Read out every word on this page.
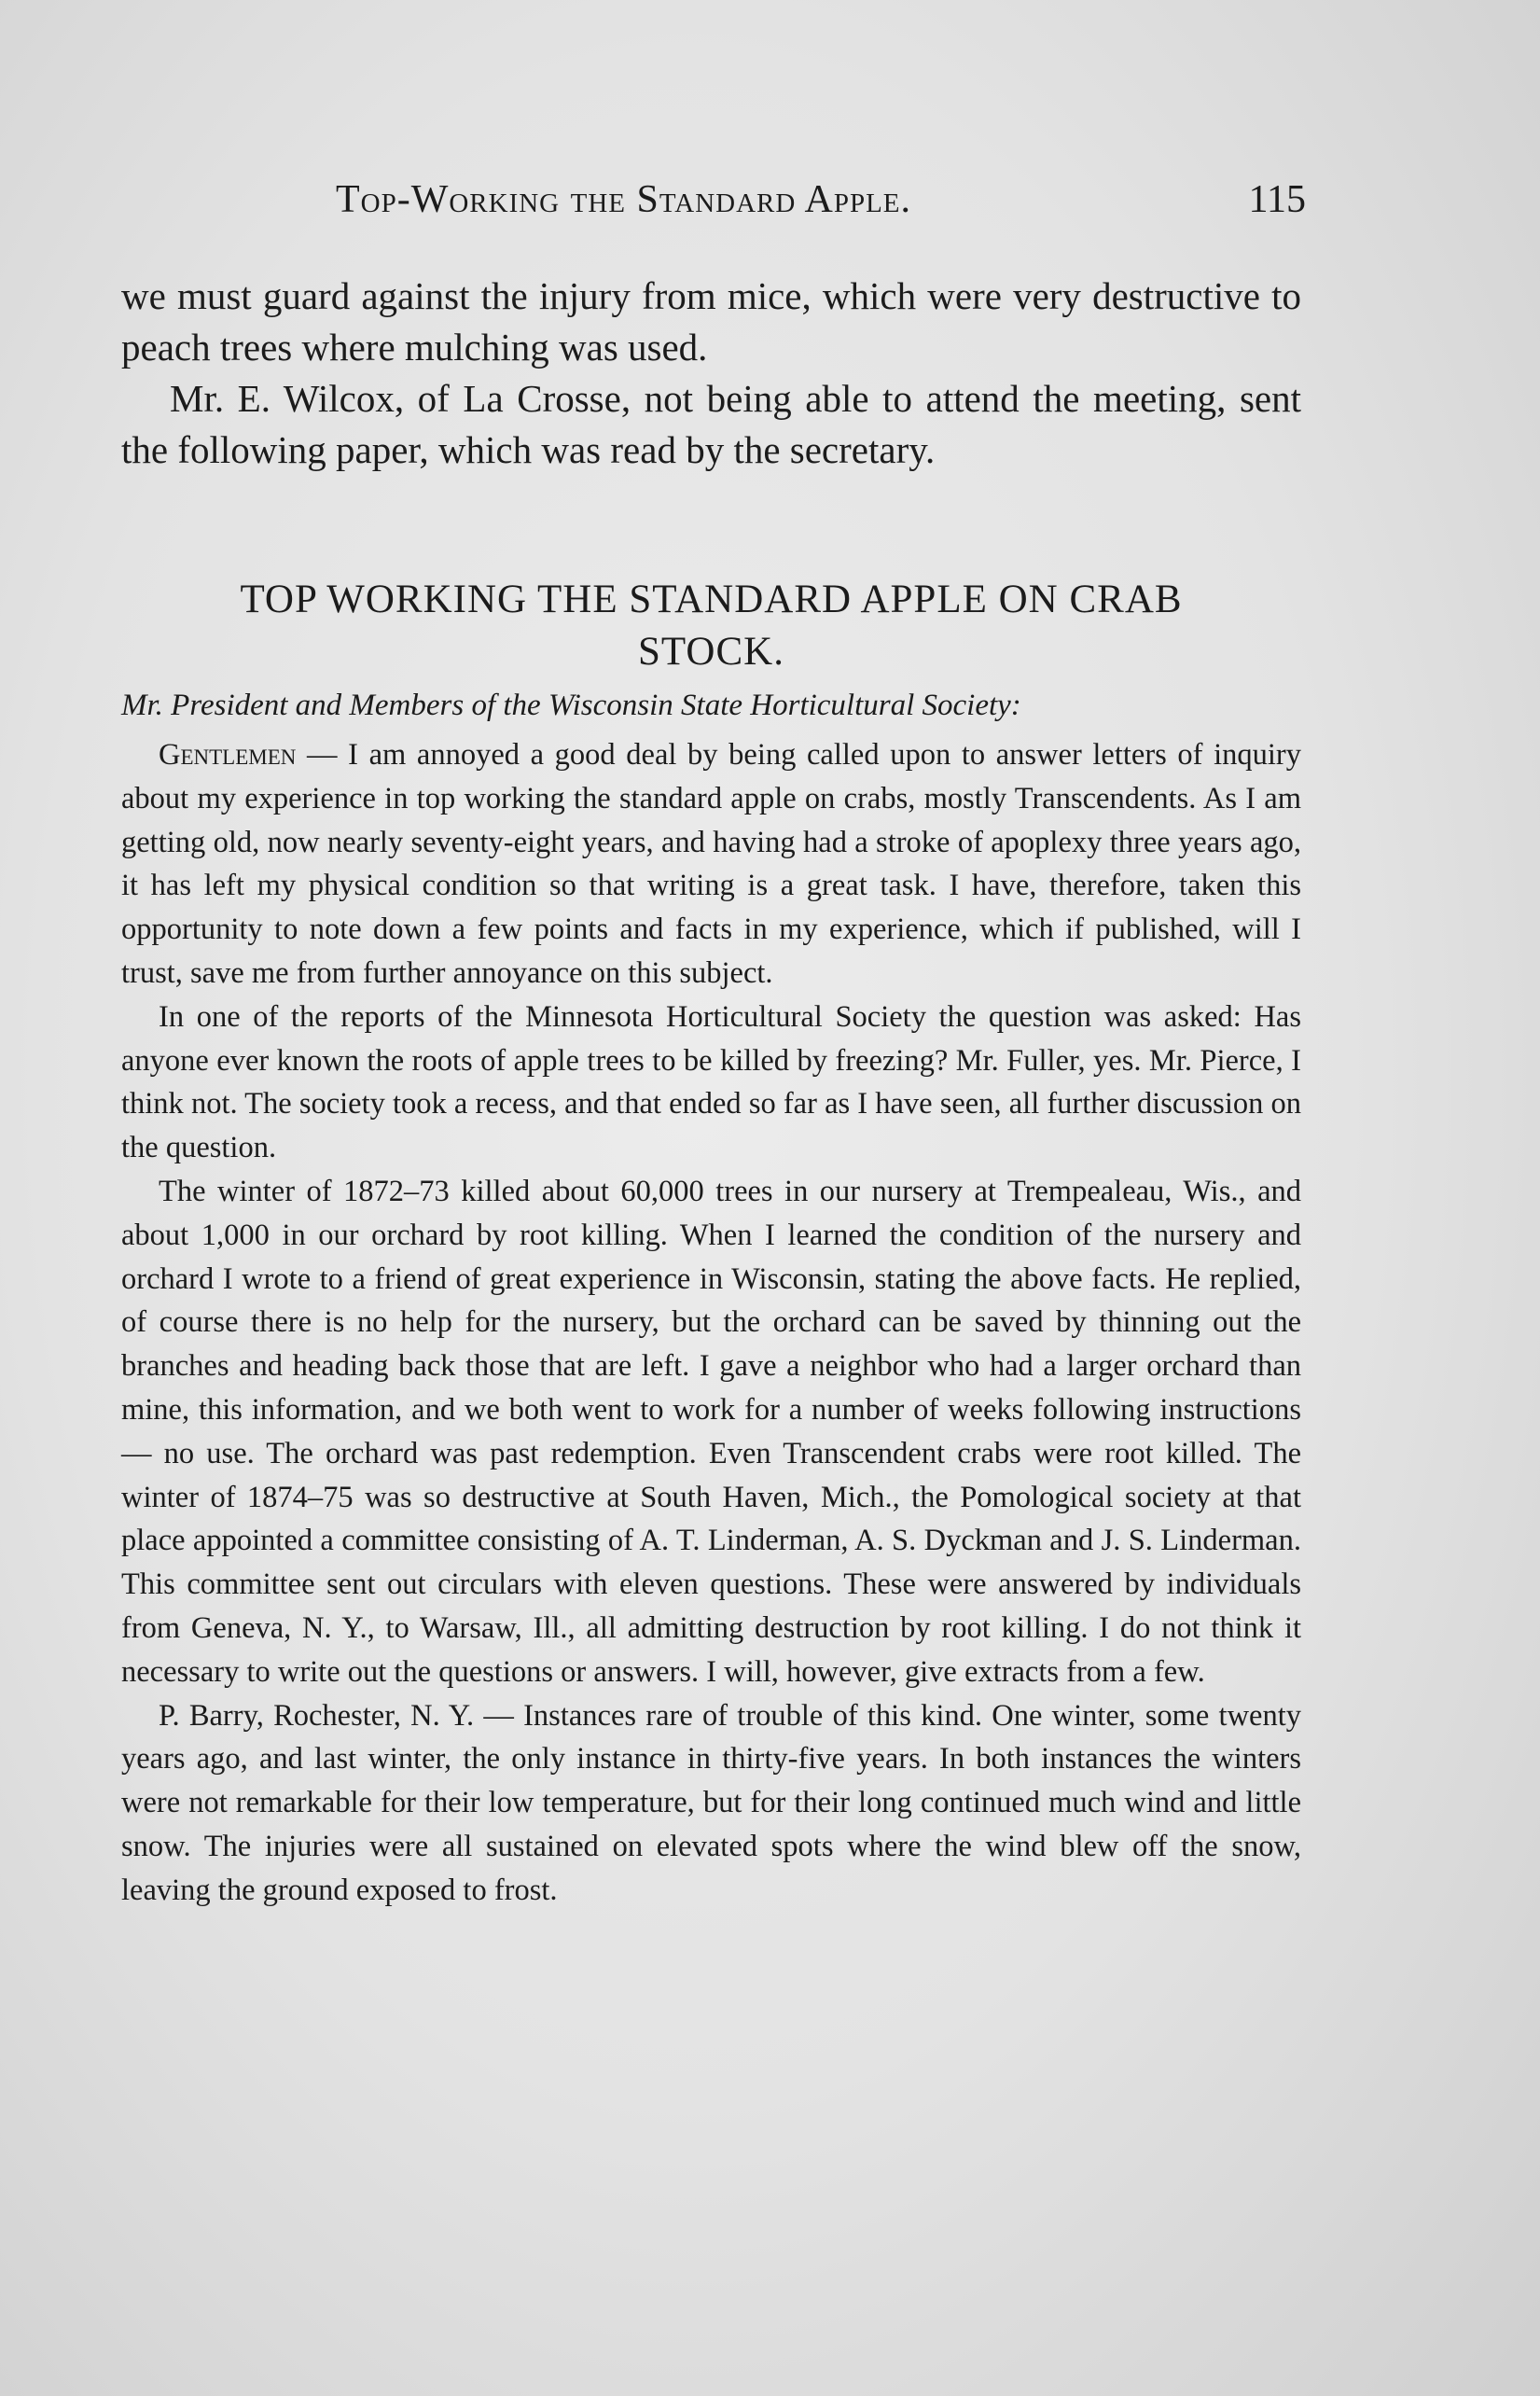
Top-Working the Standard Apple.	115

we must guard against the injury from mice, which were very destructive to peach trees where mulching was used.

Mr. E. Wilcox, of La Crosse, not being able to attend the meeting, sent the following paper, which was read by the secretary.

TOP WORKING THE STANDARD APPLE ON CRAB
STOCK.
Mr. President and Members of the Wisconsin State Horticultural Society:

Gentlemen — I am annoyed a good deal by being called upon to answer letters of inquiry about my experience in top working the standard apple on crabs, mostly Transcendents. As I am getting old, now nearly seventy-eight years, and having had a stroke of apoplexy three years ago, it has left my physical condition so that writing is a great task. I have, therefore, taken this opportunity to note down a few points and facts in my experience, which if published, will I trust, save me from further annoyance on this subject.

In one of the reports of the Minnesota Horticultural Society the question was asked: Has anyone ever known the roots of apple trees to be killed by freezing? Mr. Fuller, yes. Mr. Pierce, I think not. The society took a recess, and that ended so far as I have seen, all further discussion on the question.

The winter of 1872–73 killed about 60,000 trees in our nursery at Trempealeau, Wis., and about 1,000 in our orchard by root killing. When I learned the condition of the nursery and orchard I wrote to a friend of great experience in Wisconsin, stating the above facts. He replied, of course there is no help for the nursery, but the orchard can be saved by thinning out the branches and heading back those that are left. I gave a neighbor who had a larger orchard than mine, this information, and we both went to work for a number of weeks following instructions — no use. The orchard was past redemption. Even Transcendent crabs were root killed. The winter of 1874–75 was so destructive at South Haven, Mich., the Pomological society at that place appointed a committee consisting of A. T. Linderman, A. S. Dyckman and J. S. Linderman. This committee sent out circulars with eleven questions. These were answered by individuals from Geneva, N. Y., to Warsaw, Ill., all admitting destruction by root killing. I do not think it necessary to write out the questions or answers. I will, however, give extracts from a few.

P. Barry, Rochester, N. Y. — Instances rare of trouble of this kind. One winter, some twenty years ago, and last winter, the only instance in thirty-five years. In both instances the winters were not remarkable for their low temperature, but for their long continued much wind and little snow. The injuries were all sustained on elevated spots where the wind blew off the snow, leaving the ground exposed to frost.
